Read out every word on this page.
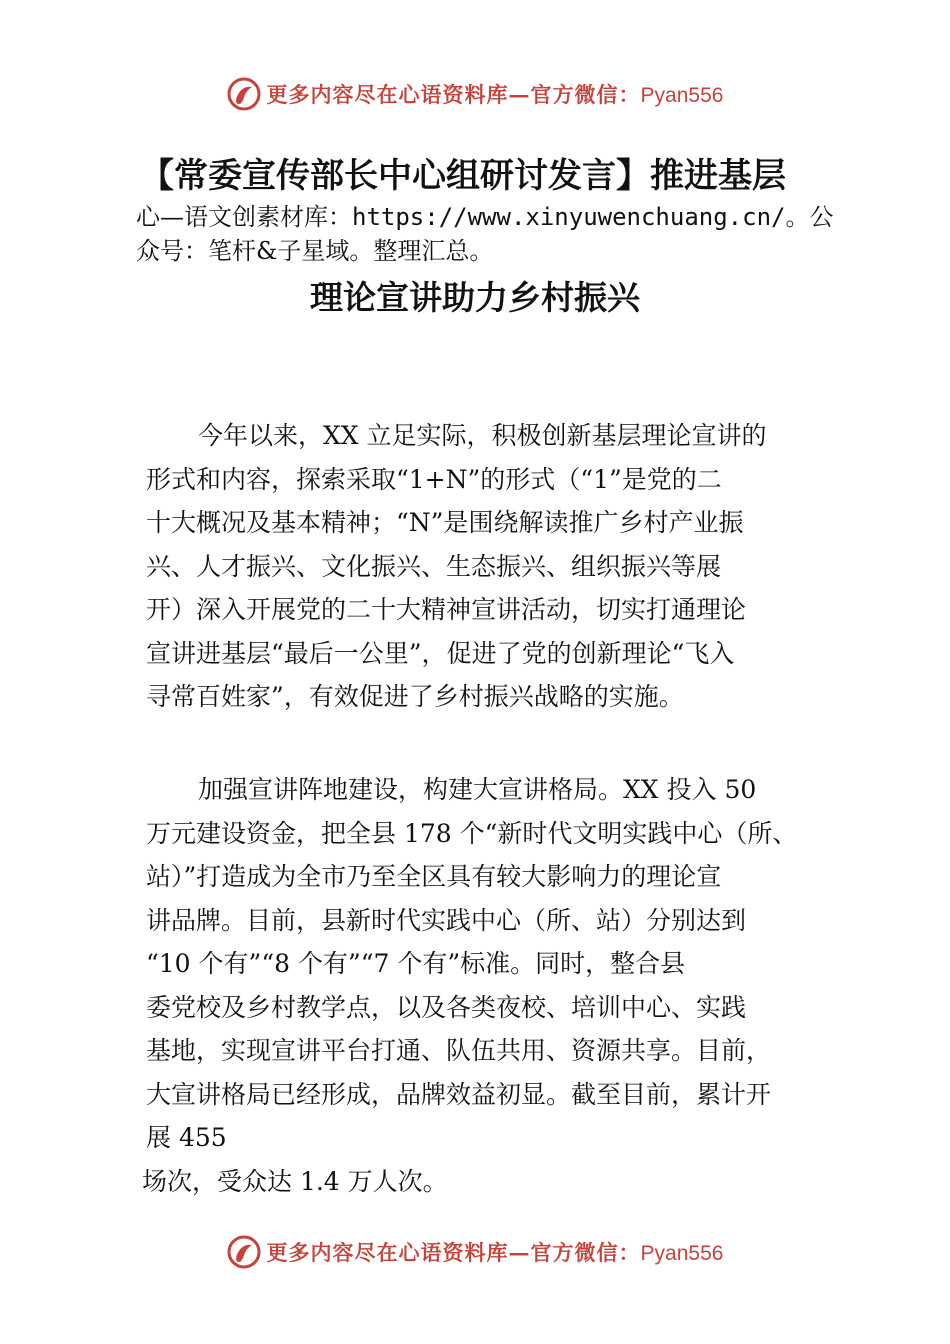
更多内容尽在心语资料库—官方微信：Pyan556
【常委宣传部长中心组研讨发言】推进基层

心—语文创素材库：https://www.xinyuwenchuang.cn/。公
众号：笔杆&子星域。整理汇总。

理论宣讲助力乡村振兴

今年以来，XX 立足实际，积极创新基层理论宣讲的
形式和内容，探索采取“1+N”的形式（“1”是党的二
十大概况及基本精神；“N”是围绕解读推广乡村产业振
兴、人才振兴、文化振兴、生态振兴、组织振兴等展
开）深入开展党的二十大精神宣讲活动，切实打通理论
宣讲进基层“最后一公里”，促进了党的创新理论“飞入
寻常百姓家”，有效促进了乡村振兴战略的实施。

加强宣讲阵地建设，构建大宣讲格局。XX 投入 50
万元建设资金，把全县 178 个“新时代文明实践中心（所、
站）”打造成为全市乃至全区具有较大影响力的理论宣
讲品牌。目前，县新时代实践中心（所、站）分别达到
“10 个有”“8 个有”“7 个有”标准。同时，整合县
委党校及乡村教学点，以及各类夜校、培训中心、实践
基地，实现宣讲平台打通、队伍共用、资源共享。目前，
大宣讲格局已经形成，品牌效益初显。截至目前，累计开
展 455
场次，受众达 1.4 万人次。

更多内容尽在心语资料库—官方微信：Pyan556
